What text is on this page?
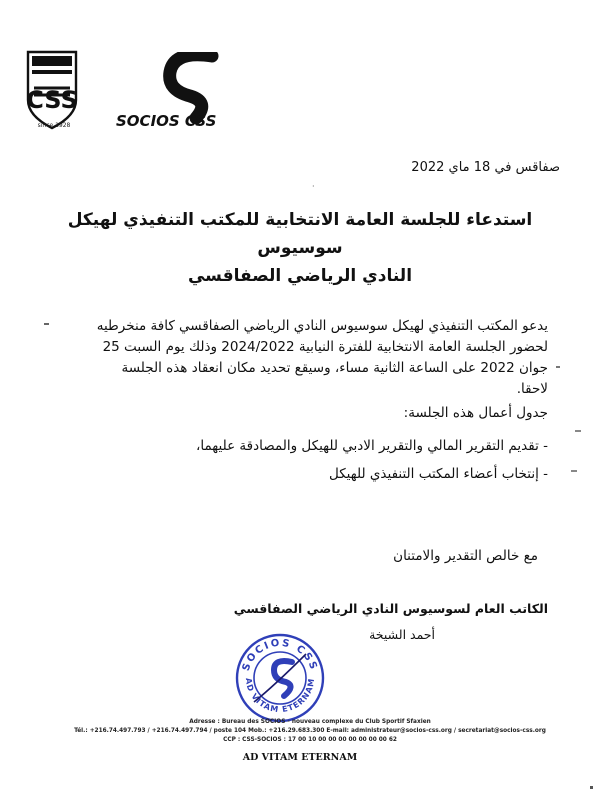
CSS
since 1928	SOCIOS CSS
صفاقس في 18 ماي 2022
·
استدعاء للجلسة العامة الانتخابية للمكتب التنفيذي لهيكل سوسيوس
النادي الرياضي الصفاقسي
يدعو المكتب التنفيذي لهيكل سوسيوس النادي الرياضي الصفاقسي كافة منخرطيه لحضور الجلسة العامة الانتخابية للفترة النيابية 2024/2022 وذلك يوم السبت 25 جوان 2022 على الساعة الثانية مساء، وسيقع تحديد مكان انعقاد هذه الجلسة لاحقا.
جدول أعمال هذه الجلسة:
- تقديم التقرير المالي والتقرير الادبي للهيكل والمصادقة عليهما،
- إنتخاب أعضاء المكتب التنفيذي للهيكل
مع خالص التقدير والامتنان
الكاتب العام لسوسيوس النادي الرياضي الصفاقسي
أحمد الشيخة
SOCIOS CSS
AD VITAM ETERNAM
Adresse : Bureau des SOCIOS - nouveau complexe du Club Sportif Sfaxien
Tél.: +216.74.497.793 / +216.74.497.794 / poste 104 Mob.: +216.29.683.300 E-mail: administrateur@socios-css.org / secretariat@socios-css.org
CCP : CSS-SOCIOS : 17 00 10 00 00 00 00 00 00 00 62
AD VITAM ETERNAM
